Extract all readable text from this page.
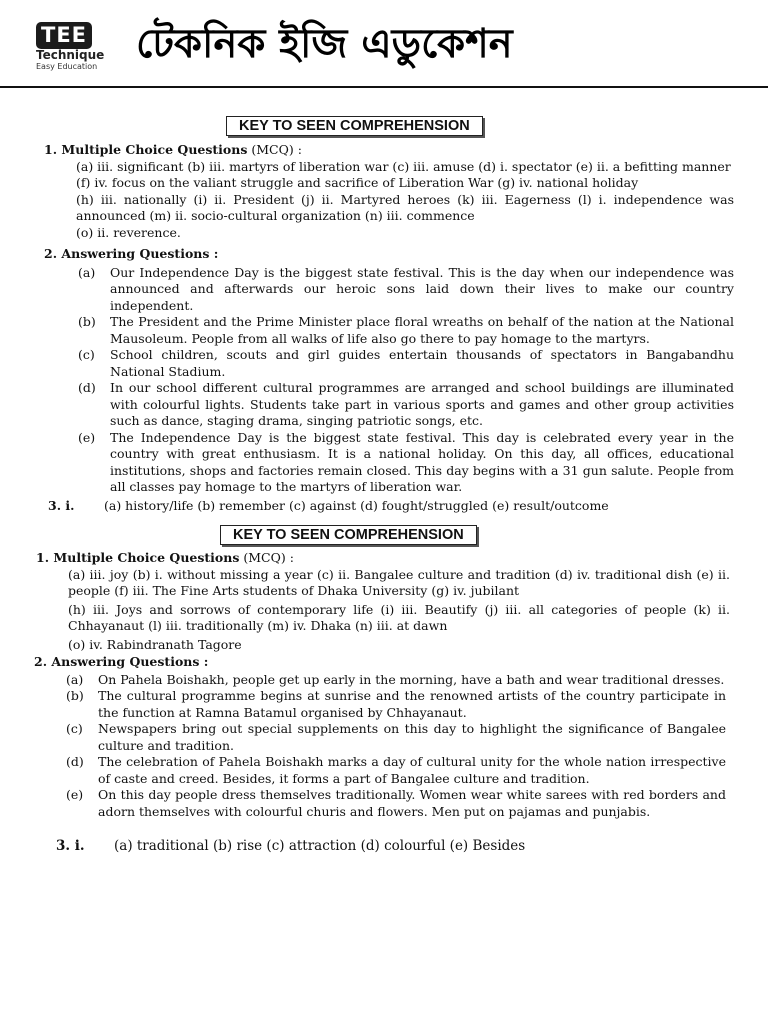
TEE
Technique
Easy Education টেকনিক ইজি এডুকেশন
KEY TO SEEN COMPREHENSION
1. Multiple Choice Questions (MCQ) :
(a) iii. significant (b) iii. martyrs of liberation war (c) iii. amuse (d) i. spectator (e) ii. a befitting manner
(f) iv. focus on the valiant struggle and sacrifice of Liberation War (g) iv. national holiday
(h) iii. nationally (i) ii. President (j) ii. Martyred heroes (k) iii. Eagerness (l) i. independence was announced (m) ii. socio-cultural organization (n) iii. commence
(o) ii. reverence.
2. Answering Questions :
(a)	Our Independence Day is the biggest state festival. This is the day when our independence was announced and afterwards our heroic sons laid down their lives to make our country independent.
(b)	The President and the Prime Minister place floral wreaths on behalf of the nation at the National Mausoleum. People from all walks of life also go there to pay homage to the martyrs.
(c)	School children, scouts and girl guides entertain thousands of spectators in Bangabandhu National Stadium.
(d)	In our school different cultural programmes are arranged and school buildings are illuminated with colourful lights. Students take part in various sports and games and other group activities such as dance, staging drama, singing patriotic songs, etc.
(e)	The Independence Day is the biggest state festival. This day is celebrated every year in the country with great enthusiasm. It is a national holiday. On this day, all offices, educational institutions, shops and factories remain closed. This day begins with a 31 gun salute. People from all classes pay homage to the martyrs of liberation war.
3. i.	(a) history/life (b) remember (c) against (d) fought/struggled (e) result/outcome
KEY TO SEEN COMPREHENSION
1. Multiple Choice Questions (MCQ) :
(a) iii. joy (b) i. without missing a year (c) ii. Bangalee culture and tradition (d) iv. traditional dish (e) ii. people (f) iii. The Fine Arts students of Dhaka University (g) iv. jubilant
(h) iii. Joys and sorrows of contemporary life (i) iii. Beautify (j) iii. all categories of people (k) ii. Chhayanaut (l) iii. traditionally (m) iv. Dhaka (n) iii. at dawn
(o) iv. Rabindranath Tagore
2. Answering Questions :
(a)	On Pahela Boishakh, people get up early in the morning, have a bath and wear traditional dresses.
(b)	The cultural programme begins at sunrise and the renowned artists of the country participate in the function at Ramna Batamul organised by Chhayanaut.
(c)	Newspapers bring out special supplements on this day to highlight the significance of Bangalee culture and tradition.
(d)	The celebration of Pahela Boishakh marks a day of cultural unity for the whole nation irrespective of caste and creed. Besides, it forms a part of Bangalee culture and tradition.
(e)	On this day people dress themselves traditionally. Women wear white sarees with red borders and adorn themselves with colourful churis and flowers. Men put on pajamas and punjabis.
3. i.	(a) traditional (b) rise (c) attraction (d) colourful (e) Besides
